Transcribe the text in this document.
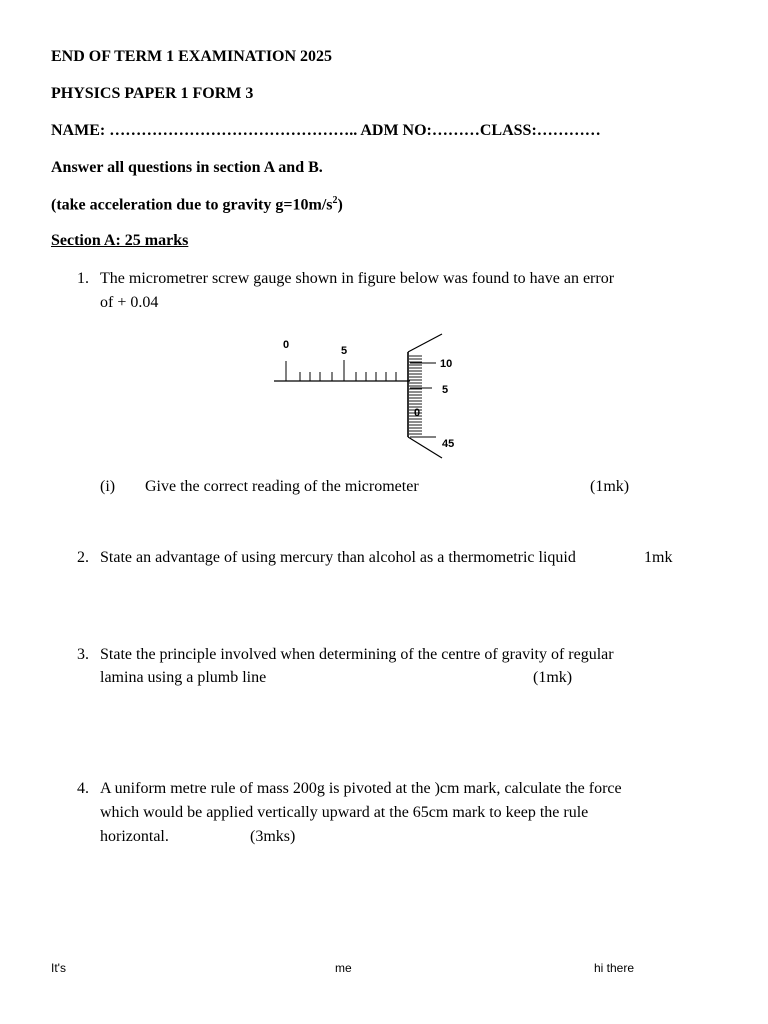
END OF TERM 1 EXAMINATION 2025
PHYSICS PAPER 1 FORM 3
NAME: ……………………………………….. ADM NO:………CLASS:…………
Answer all questions in section A and B.
(take acceleration due to gravity $g=10m/s^2$)
Section A: 25 marks
1. The micrometrer screw gauge shown in figure below was found to have an error
of + 0.04
0	5
10
5
0
45
(i) Give the correct reading of the micrometer	(1mk)
2. State an advantage of using mercury than alcohol as a thermometric liquid	1mk
3. State the principle involved when determining of the centre of gravity of regular
lamina using a plumb line	(1mk)
4. A uniform metre rule of mass 200g is pivoted at the )cm mark, calculate the force
which would be applied vertically upward at the 65cm mark to keep the rule
horizontal.	(3mks)
It's	me	hi there
